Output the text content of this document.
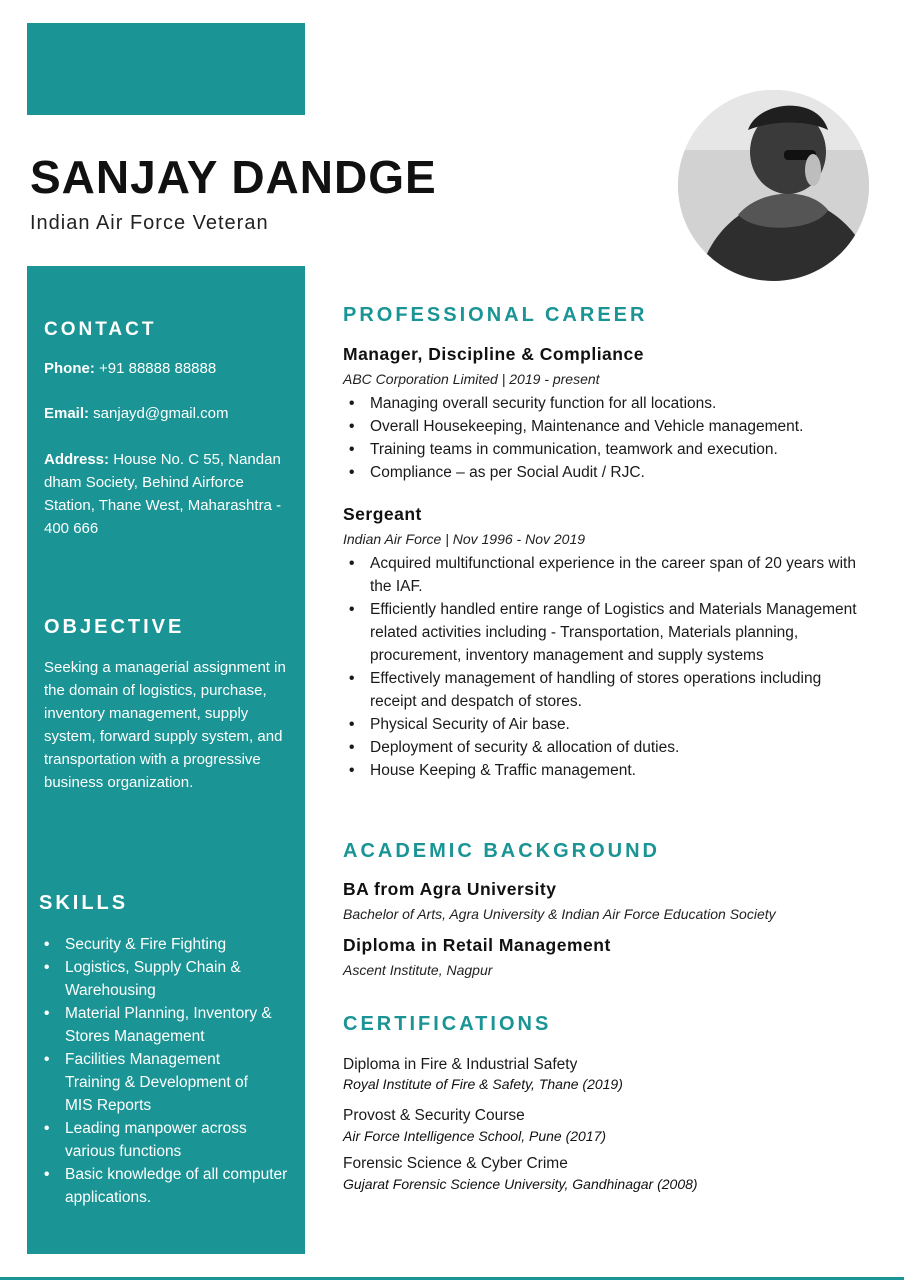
SANJAY DANDGE
Indian Air Force Veteran
CONTACT
Phone: +91 88888 88888
Email: sanjayd@gmail.com
Address: House No. C 55, Nandan dham Society, Behind Airforce Station, Thane West, Maharashtra - 400 666
OBJECTIVE
Seeking a managerial assignment in the domain of logistics, purchase, inventory management, supply system, forward supply system, and transportation with a progressive business organization.
SKILLS
• Security & Fire Fighting
• Logistics, Supply Chain & Warehousing
• Material Planning, Inventory & Stores Management
• Facilities Management
Training & Development of
MIS Reports
• Leading manpower across various functions
• Basic knowledge of all computer applications.
PROFESSIONAL CAREER
Manager, Discipline & Compliance
ABC Corporation Limited | 2019 - present
• Managing overall security function for all locations.
• Overall Housekeeping, Maintenance and Vehicle management.
• Training teams in communication, teamwork and execution.
• Compliance – as per Social Audit / RJC.
Sergeant
Indian Air Force | Nov 1996 - Nov 2019
• Acquired multifunctional experience in the career span of 20 years with the IAF.
• Efficiently handled entire range of Logistics and Materials Management related activities including - Transportation, Materials planning, procurement, inventory management and supply systems
• Effectively management of handling of stores operations including receipt and despatch of stores.
• Physical Security of Air base.
• Deployment of security & allocation of duties.
• House Keeping & Traffic management.
ACADEMIC BACKGROUND
BA from Agra University
Bachelor of Arts, Agra University & Indian Air Force Education Society
Diploma in Retail Management
Ascent Institute, Nagpur
CERTIFICATIONS
Diploma in Fire & Industrial Safety
Royal Institute of Fire & Safety, Thane (2019)
Provost & Security Course
Air Force Intelligence School, Pune (2017)
Forensic Science & Cyber Crime
Gujarat Forensic Science University, Gandhinagar (2008)
